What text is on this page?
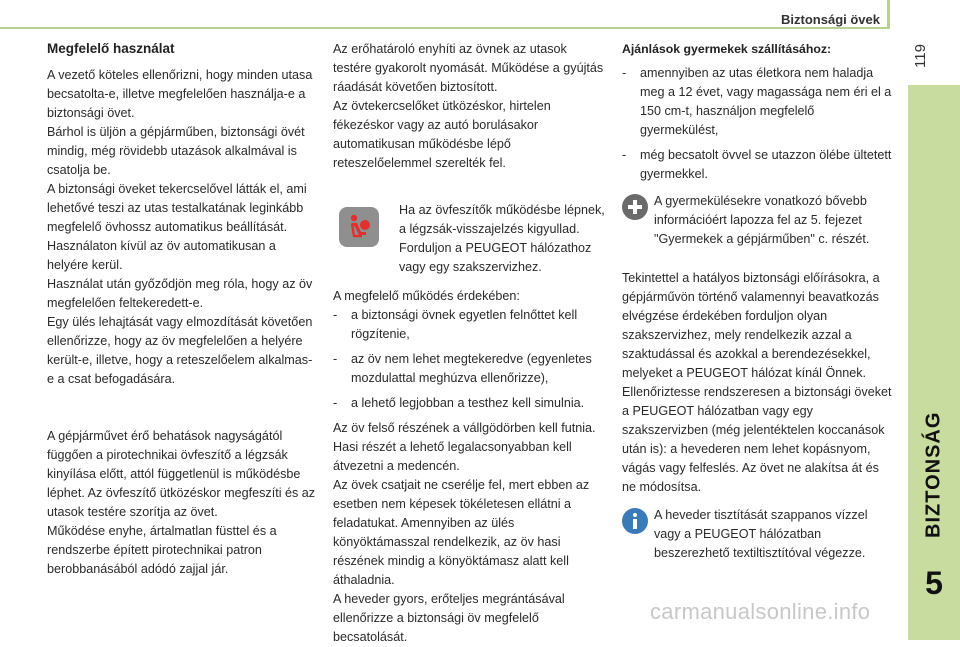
Biztonsági övek
119
BIZTONSÁG
5
Megfelelő használat

A vezető köteles ellenőrizni, hogy minden utasa becsatolta-e, illetve megfelelően használja-e a biztonsági övet.
Bárhol is üljön a gépjárműben, biztonsági övét mindig, még rövidebb utazások alkalmával is csatolja be.
A biztonsági öveket tekercselővel látták el, ami lehetővé teszi az utas testalkatának leginkább megfelelő övhossz automatikus beállítását. Használaton kívül az öv automatikusan a helyére kerül.
Használat után győződjön meg róla, hogy az öv megfelelően feltekeredett-e.
Egy ülés lehajtását vagy elmozdítását követően ellenőrizze, hogy az öv megfelelően a helyére került-e, illetve, hogy a reteszelőelem alkalmas-e a csat befogadására.

A gépjárművet érő behatások nagyságától függően a pirotechnikai övfeszítő a légzsák kinyílása előtt, attól függetlenül is működésbe léphet. Az övfeszítő ütközéskor megfeszíti és az utasok testére szorítja az övet.
Működése enyhe, ártalmatlan füsttel és a rendszerbe épített pirotechnikai patron berobbanásából adódó zajjal jár.

Az erőhatároló enyhíti az övnek az utasok testére gyakorolt nyomását. Működése a gyújtás ráadását követően biztosított.
Az övtekercselőket ütközéskor, hirtelen fékezéskor vagy az autó borulásakor automatikusan működésbe lépő reteszelőelemmel szerelték fel.

Ha az övfeszítők működésbe lépnek, a légzsák-visszajelzés kigyullad. Forduljon a PEUGEOT hálózathoz vagy egy szakszervizhez.

A megfelelő működés érdekében:

- a biztonsági övnek egyetlen felnőttet kell rögzítenie,
- az öv nem lehet megtekeredve (egyenletes mozdulattal meghúzva ellenőrizze),
- a lehető legjobban a testhez kell simulnia.

Az öv felső részének a vállgödörben kell futnia.
Hasi részét a lehető legalacsonyabban kell átvezetni a medencén.
Az övek csatjait ne cserélje fel, mert ebben az esetben nem képesek tökéletesen ellátni a feladatukat. Amennyiben az ülés könyöktámasszal rendelkezik, az öv hasi részének mindig a könyöktámasz alatt kell áthaladnia.
A heveder gyors, erőteljes megrántásával ellenőrizze a biztonsági öv megfelelő becsatolását.

Ajánlások gyermekek szállításához:
- amennyiben az utas életkora nem haladja meg a 12 évet, vagy magassága nem éri el a 150 cm-t, használjon megfelelő gyermekülést,
- még becsatolt övvel se utazzon ölébe ültetett gyermekkel.

A gyermekülésekre vonatkozó bővebb információért lapozza fel az 5. fejezet "Gyermekek a gépjárműben" c. részét.

Tekintettel a hatályos biztonsági előírásokra, a gépjárművön történő valamennyi beavatkozás elvégzése érdekében forduljon olyan szakszervizhez, mely rendelkezik azzal a szaktudással és azokkal a berendezésekkel, melyeket a PEUGEOT hálózat kínál Önnek.
Ellenőriztesse rendszeresen a biztonsági öveket a PEUGEOT hálózatban vagy egy szakszervizben (még jelentéktelen koccanások után is): a hevederen nem lehet kopásnyom, vágás vagy felfeslés. Az övet ne alakítsa át és ne módosítsa.

A heveder tisztítását szappanos vízzel vagy a PEUGEOT hálózatban beszerezhető textiltisztítóval végezze.

carmanualsonline.info
